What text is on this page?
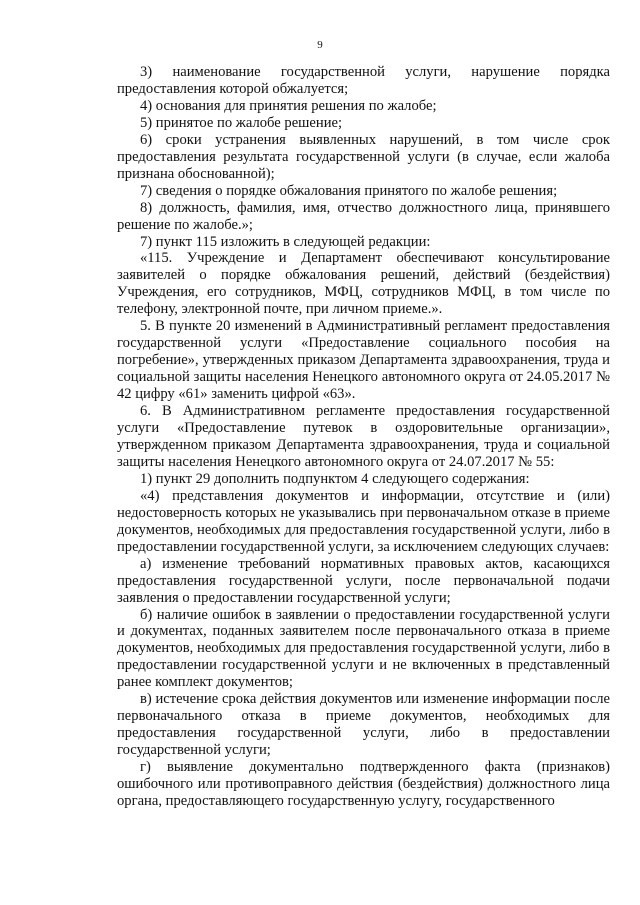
9

3) наименование государственной услуги, нарушение порядка предоставления которой обжалуется;

4) основания для принятия решения по жалобе;

5) принятое по жалобе решение;

6) сроки устранения выявленных нарушений, в том числе срок предоставления результата государственной услуги (в случае, если жалоба признана обоснованной);

7) сведения о порядке обжалования принятого по жалобе решения;

8) должность, фамилия, имя, отчество должностного лица, принявшего решение по жалобе.»;

7) пункт 115 изложить в следующей редакции:

«115. Учреждение и Департамент обеспечивают консультирование заявителей о порядке обжалования решений, действий (бездействия) Учреждения, его сотрудников, МФЦ, сотрудников МФЦ, в том числе по телефону, электронной почте, при личном приеме.».

5. В пункте 20 изменений в Административный регламент предоставления государственной услуги «Предоставление социального пособия на погребение», утвержденных приказом Департамента здравоохранения, труда и социальной защиты населения Ненецкого автономного округа от 24.05.2017 № 42 цифру «61» заменить цифрой «63».

6. В Административном регламенте предоставления государственной услуги «Предоставление путевок в оздоровительные организации», утвержденном приказом Департамента здравоохранения, труда и социальной защиты населения Ненецкого автономного округа от 24.07.2017 № 55:

1) пункт 29 дополнить подпунктом 4 следующего содержания:

«4) представления документов и информации, отсутствие и (или) недостоверность которых не указывались при первоначальном отказе в приеме документов, необходимых для предоставления государственной услуги, либо в предоставлении государственной услуги, за исключением следующих случаев:

а) изменение требований нормативных правовых актов, касающихся предоставления государственной услуги, после первоначальной подачи заявления о предоставлении государственной услуги;

б) наличие ошибок в заявлении о предоставлении государственной услуги и документах, поданных заявителем после первоначального отказа в приеме документов, необходимых для предоставления государственной услуги, либо в предоставлении государственной услуги и не включенных в представленный ранее комплект документов;

в) истечение срока действия документов или изменение информации после первоначального отказа в приеме документов, необходимых для предоставления государственной услуги, либо в предоставлении государственной услуги;

г) выявление документально подтвержденного факта (признаков) ошибочного или противоправного действия (бездействия) должностного лица органа, предоставляющего государственную услугу, государственного
